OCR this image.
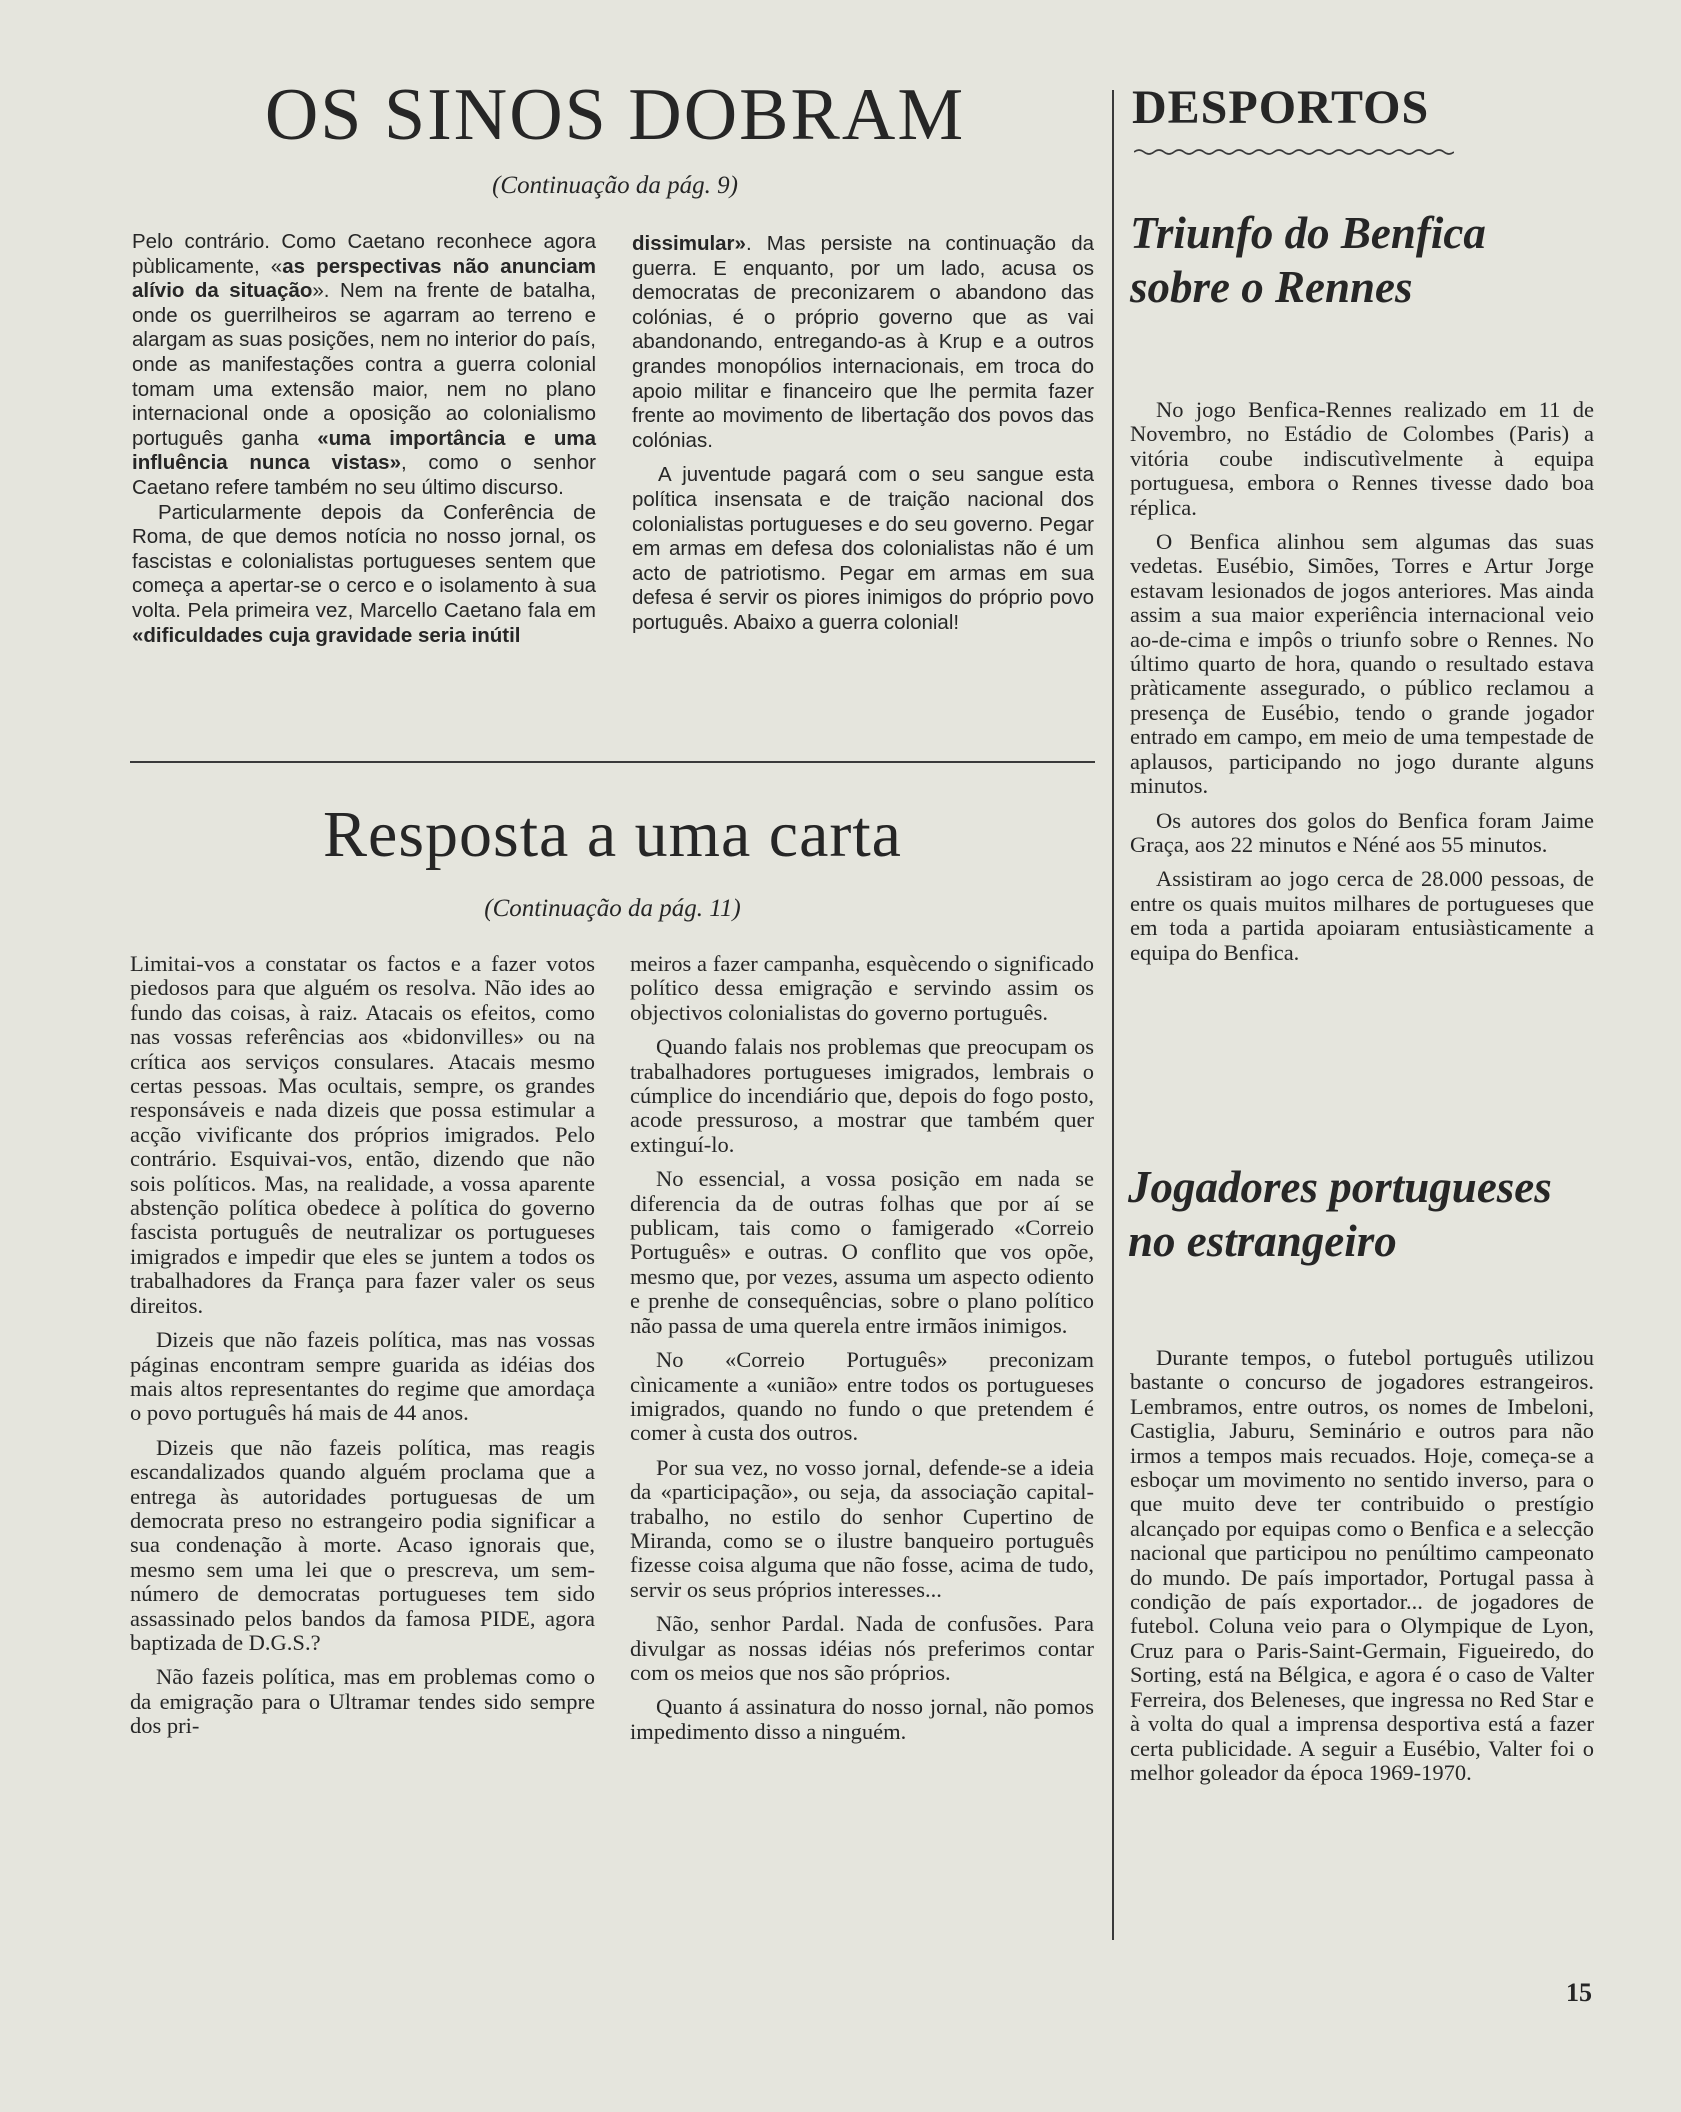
OS SINOS DOBRAM
(Continuação da pág. 9)

Pelo contrário. Como Caetano reconhece agora pùblicamente, «as perspectivas não anunciam alívio da situação». Nem na frente de batalha, onde os guerrilheiros se agarram ao terreno e alargam as suas posições, nem no interior do país, onde as manifestações contra a guerra colonial tomam uma extensão maior, nem no plano internacional onde a oposição ao colonialismo português ganha «uma importância e uma influência nunca vistas», como o senhor Caetano refere também no seu último discurso.

Particularmente depois da Conferência de Roma, de que demos notícia no nosso jornal, os fascistas e colonialistas portugueses sentem que começa a apertar-se o cerco e o isolamento à sua volta. Pela primeira vez, Marcello Caetano fala em «dificuldades cuja gravidade seria inútil

dissimular». Mas persiste na continuação da guerra. E enquanto, por um lado, acusa os democratas de preconizarem o abandono das colónias, é o próprio governo que as vai abandonando, entregando-as à Krup e a outros grandes monopólios internacionais, em troca do apoio militar e financeiro que lhe permita fazer frente ao movimento de libertação dos povos das colónias.

A juventude pagará com o seu sangue esta política insensata e de traição nacional dos colonialistas portugueses e do seu governo. Pegar em armas em defesa dos colonialistas não é um acto de patriotismo. Pegar em armas em sua defesa é servir os piores inimigos do próprio povo português. Abaixo a guerra colonial!

Resposta a uma carta
(Continuação da pág. 11)

Limitai-vos a constatar os factos e a fazer votos piedosos para que alguém os resolva. Não ides ao fundo das coisas, à raiz. Atacais os efeitos, como nas vossas referências aos «bidonvilles» ou na crítica aos serviços consulares. Atacais mesmo certas pessoas. Mas ocultais, sempre, os grandes responsáveis e nada dizeis que possa estimular a acção vivificante dos próprios imigrados. Pelo contrário. Esquivai-vos, então, dizendo que não sois políticos. Mas, na realidade, a vossa aparente abstenção política obedece à política do governo fascista português de neutralizar os portugueses imigrados e impedir que eles se juntem a todos os trabalhadores da França para fazer valer os seus direitos.

Dizeis que não fazeis política, mas nas vossas páginas encontram sempre guarida as idéias dos mais altos representantes do regime que amordaça o povo português há mais de 44 anos.

Dizeis que não fazeis política, mas reagis escandalizados quando alguém proclama que a entrega às autoridades portuguesas de um democrata preso no estrangeiro podia significar a sua condenação à morte. Acaso ignorais que, mesmo sem uma lei que o prescreva, um sem-número de democratas portugueses tem sido assassinado pelos bandos da famosa PIDE, agora baptizada de D.G.S.?

Não fazeis política, mas em problemas como o da emigração para o Ultramar tendes sido sempre dos pri-

meiros a fazer campanha, esquècendo o significado político dessa emigração e servindo assim os objectivos colonialistas do governo português.

Quando falais nos problemas que preocupam os trabalhadores portugueses imigrados, lembrais o cúmplice do incendiário que, depois do fogo posto, acode pressuroso, a mostrar que também quer extinguí-lo.

No essencial, a vossa posição em nada se diferencia da de outras folhas que por aí se publicam, tais como o famigerado «Correio Português» e outras. O conflito que vos opõe, mesmo que, por vezes, assuma um aspecto odiento e prenhe de consequências, sobre o plano político não passa de uma querela entre irmãos inimigos.

No «Correio Português» preconizam cìnicamente a «união» entre todos os portugueses imigrados, quando no fundo o que pretendem é comer à custa dos outros.

Por sua vez, no vosso jornal, defende-se a ideia da «participação», ou seja, da associação capital-trabalho, no estilo do senhor Cupertino de Miranda, como se o ilustre banqueiro português fizesse coisa alguma que não fosse, acima de tudo, servir os seus próprios interesses...

Não, senhor Pardal. Nada de confusões. Para divulgar as nossas idéias nós preferimos contar com os meios que nos são próprios.

Quanto á assinatura do nosso jornal, não pomos impedimento disso a ninguém.

DESPORTOS
Triunfo do Benfica sobre o Rennes

No jogo Benfica-Rennes realizado em 11 de Novembro, no Estádio de Colombes (Paris) a vitória coube indiscutìvelmente à equipa portuguesa, embora o Rennes tivesse dado boa réplica.

O Benfica alinhou sem algumas das suas vedetas. Eusébio, Simões, Torres e Artur Jorge estavam lesionados de jogos anteriores. Mas ainda assim a sua maior experiência internacional veio ao-de-cima e impôs o triunfo sobre o Rennes. No último quarto de hora, quando o resultado estava pràticamente assegurado, o público reclamou a presença de Eusébio, tendo o grande jogador entrado em campo, em meio de uma tempestade de aplausos, participando no jogo durante alguns minutos.

Os autores dos golos do Benfica foram Jaime Graça, aos 22 minutos e Néné aos 55 minutos.

Assistiram ao jogo cerca de 28.000 pessoas, de entre os quais muitos milhares de portugueses que em toda a partida apoiaram entusiàsticamente a equipa do Benfica.

Jogadores portugueses no estrangeiro

Durante tempos, o futebol português utilizou bastante o concurso de jogadores estrangeiros. Lembramos, entre outros, os nomes de Imbeloni, Castiglia, Jaburu, Seminário e outros para não irmos a tempos mais recuados. Hoje, começa-se a esboçar um movimento no sentido inverso, para o que muito deve ter contribuido o prestígio alcançado por equipas como o Benfica e a selecção nacional que participou no penúltimo campeonato do mundo. De país importador, Portugal passa à condição de país exportador... de jogadores de futebol. Coluna veio para o Olympique de Lyon, Cruz para o Paris-Saint-Germain, Figueiredo, do Sorting, está na Bélgica, e agora é o caso de Valter Ferreira, dos Beleneses, que ingressa no Red Star e à volta do qual a imprensa desportiva está a fazer certa publicidade. A seguir a Eusébio, Valter foi o melhor goleador da época 1969-1970.

15
